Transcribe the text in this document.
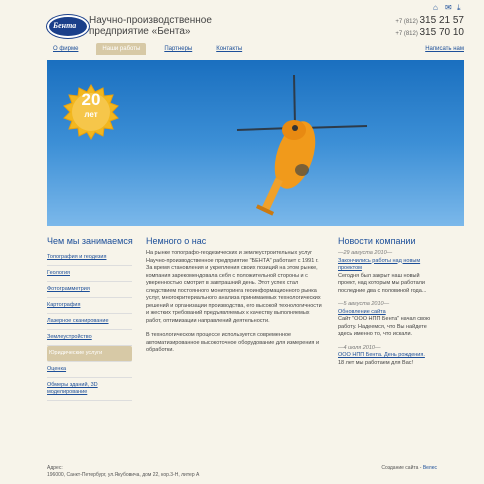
Бента Научно-производственное
предприятие «Бента»
⌂ ✉ ⤓
+7 (812) 315 21 57
+7 (812) 315 70 10
О фирме	Наши работы	Партнеры	Контакты	Написать нам
20
лет
Чем мы занимаемся
Топография и геодезия
Геология
Фотограмметрия
Картография
Лазерное сканирование
Землеустройство
Юридические услуги
Оценка
Обмеры зданий, 3D моделирование
Немного о нас

На рынке топографо-геодезических и землеустроительных услуг Научно-производственное предприятие "БЕНТА" работает с 1991 г. За время становления и укрепления своих позиций на этом рынке, компания зарекомендовала себя с положительной стороны и с уверенностью смотрит в завтрашний день. Этот успех стал следствием постоянного мониторинга геоинформационного рынка услуг, многокритериального анализа принимаемых технологических решений и организации производства, его высокой технологичности и жестких требований предъявляемых к качеству выполняемых работ, оптимизации направлений деятельности.

В технологическом процессе используется современное автоматизированное высокоточное оборудование для измерения и обработки.

Новости компании
—29 августа 2010—
Закончились работы над новым проектом
Сегодня был закрыт наш новый проект, над которым мы работали последние два с половиной года...
—5 августа 2010—
Обновление сайта
Сайт "ООО НПП Бента" начал свою работу. Надеемся, что Вы найдете здесь именно то, что искали.
—4 июля 2010—
ООО НПП Бента. День рождения.
18 лет мы работаем для Вас!
Адрес:
196000, Санкт-Петербург, ул.Якубовича, дом 22, кор.3-Н, литер А
Создание сайта - Велес
